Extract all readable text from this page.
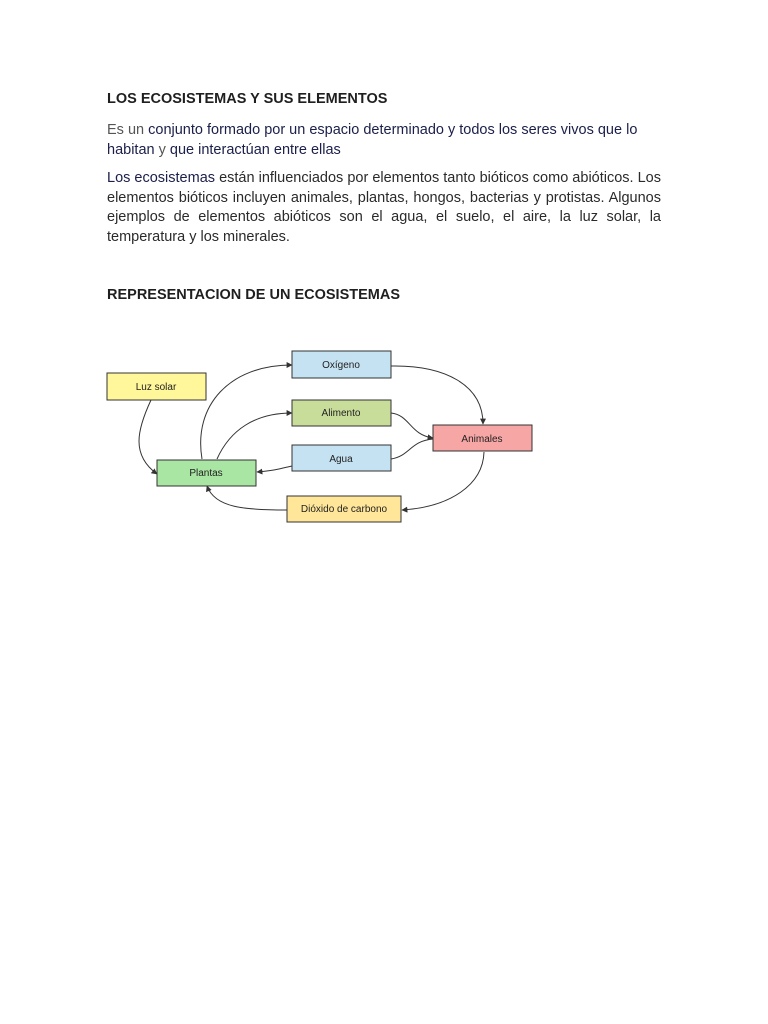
LOS ECOSISTEMAS Y SUS ELEMENTOS

Es un conjunto formado por un espacio determinado y todos los seres vivos que lo habitan y que interactúan entre ellas

Los ecosistemas están influenciados por elementos tanto bióticos como abióticos. Los elementos bióticos incluyen animales, plantas, hongos, bacterias y protistas. Algunos ejemplos de elementos abióticos son el agua, el suelo, el aire, la luz solar, la temperatura y los minerales.

REPRESENTACION DE UN ECOSISTEMAS
Luz solar
Oxígeno
Alimento
Agua
Plantas
Animales
Dióxido de carbono
